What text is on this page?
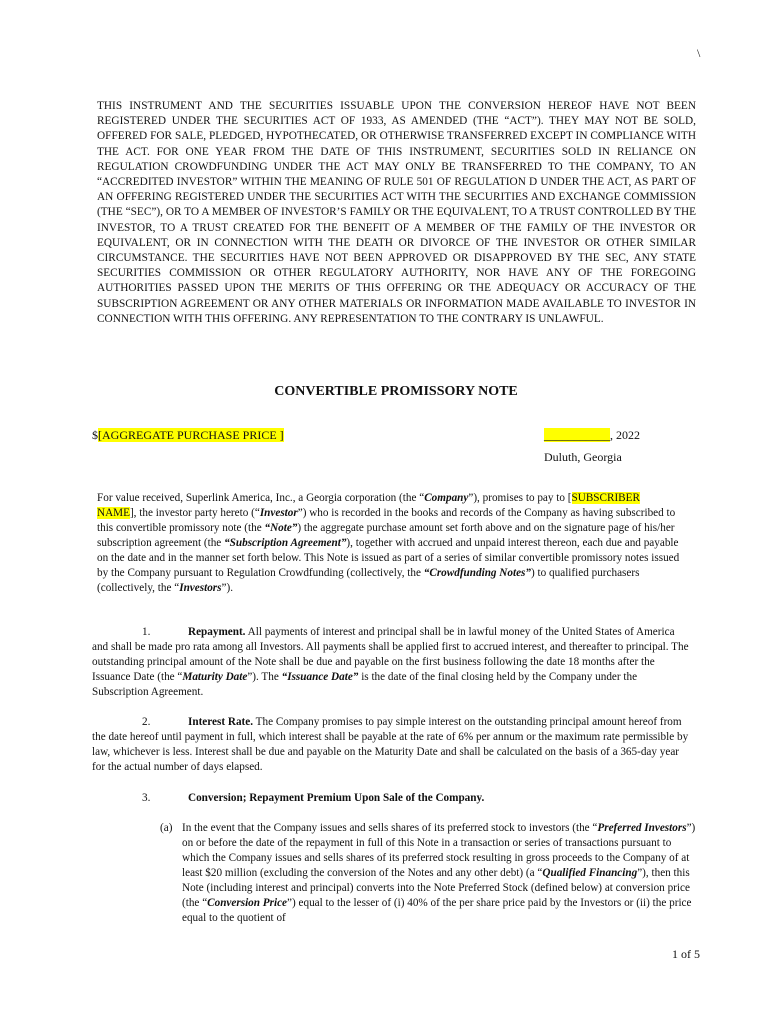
\

THIS INSTRUMENT AND THE SECURITIES ISSUABLE UPON THE CONVERSION HEREOF HAVE NOT BEEN REGISTERED UNDER THE SECURITIES ACT OF 1933, AS AMENDED (THE “ACT”). THEY MAY NOT BE SOLD, OFFERED FOR SALE, PLEDGED, HYPOTHECATED, OR OTHERWISE TRANSFERRED EXCEPT IN COMPLIANCE WITH THE ACT. FOR ONE YEAR FROM THE DATE OF THIS INSTRUMENT, SECURITIES SOLD IN RELIANCE ON REGULATION CROWDFUNDING UNDER THE ACT MAY ONLY BE TRANSFERRED TO THE COMPANY, TO AN “ACCREDITED INVESTOR” WITHIN THE MEANING OF RULE 501 OF REGULATION D UNDER THE ACT, AS PART OF AN OFFERING REGISTERED UNDER THE SECURITIES ACT WITH THE SECURITIES AND EXCHANGE COMMISSION (THE “SEC”), OR TO A MEMBER OF INVESTOR’S FAMILY OR THE EQUIVALENT, TO A TRUST CONTROLLED BY THE INVESTOR, TO A TRUST CREATED FOR THE BENEFIT OF A MEMBER OF THE FAMILY OF THE INVESTOR OR EQUIVALENT, OR IN CONNECTION WITH THE DEATH OR DIVORCE OF THE INVESTOR OR OTHER SIMILAR CIRCUMSTANCE. THE SECURITIES HAVE NOT BEEN APPROVED OR DISAPPROVED BY THE SEC, ANY STATE SECURITIES COMMISSION OR OTHER REGULATORY AUTHORITY, NOR HAVE ANY OF THE FOREGOING AUTHORITIES PASSED UPON THE MERITS OF THIS OFFERING OR THE ADEQUACY OR ACCURACY OF THE SUBSCRIPTION AGREEMENT OR ANY OTHER MATERIALS OR INFORMATION MADE AVAILABLE TO INVESTOR IN CONNECTION WITH THIS OFFERING. ANY REPRESENTATION TO THE CONTRARY IS UNLAWFUL.

CONVERTIBLE PROMISSORY NOTE
$[AGGREGATE PURCHASE PRICE ]	___________, 2022
Duluth, Georgia

For value received, Superlink America, Inc., a Georgia corporation (the “Company”), promises to pay to [SUBSCRIBER NAME], the investor party hereto (“Investor”) who is recorded in the books and records of the Company as having subscribed to this convertible promissory note (the “Note”) the aggregate purchase amount set forth above and on the signature page of his/her subscription agreement (the “Subscription Agreement”), together with accrued and unpaid interest thereon, each due and payable on the date and in the manner set forth below. This Note is issued as part of a series of similar convertible promissory notes issued by the Company pursuant to Regulation Crowdfunding (collectively, the “Crowdfunding Notes”) to qualified purchasers (collectively, the “Investors”).

1.	Repayment. All payments of interest and principal shall be in lawful money of the United States of America and shall be made pro rata among all Investors. All payments shall be applied first to accrued interest, and thereafter to principal. The outstanding principal amount of the Note shall be due and payable on the first business following the date 18 months after the Issuance Date (the “Maturity Date”). The “Issuance Date” is the date of the final closing held by the Company under the Subscription Agreement.

2.	Interest Rate. The Company promises to pay simple interest on the outstanding principal amount hereof from the date hereof until payment in full, which interest shall be payable at the rate of 6% per annum or the maximum rate permissible by law, whichever is less. Interest shall be due and payable on the Maturity Date and shall be calculated on the basis of a 365-day year for the actual number of days elapsed.

3.	Conversion; Repayment Premium Upon Sale of the Company.

(a) In the event that the Company issues and sells shares of its preferred stock to investors (the “Preferred Investors”) on or before the date of the repayment in full of this Note in a transaction or series of transactions pursuant to which the Company issues and sells shares of its preferred stock resulting in gross proceeds to the Company of at least $20 million (excluding the conversion of the Notes and any other debt) (a “Qualified Financing”), then this Note (including interest and principal) converts into the Note Preferred Stock (defined below) at conversion price (the “Conversion Price”) equal to the lesser of (i) 40% of the per share price paid by the Investors or (ii) the price equal to the quotient of

1 of 5
